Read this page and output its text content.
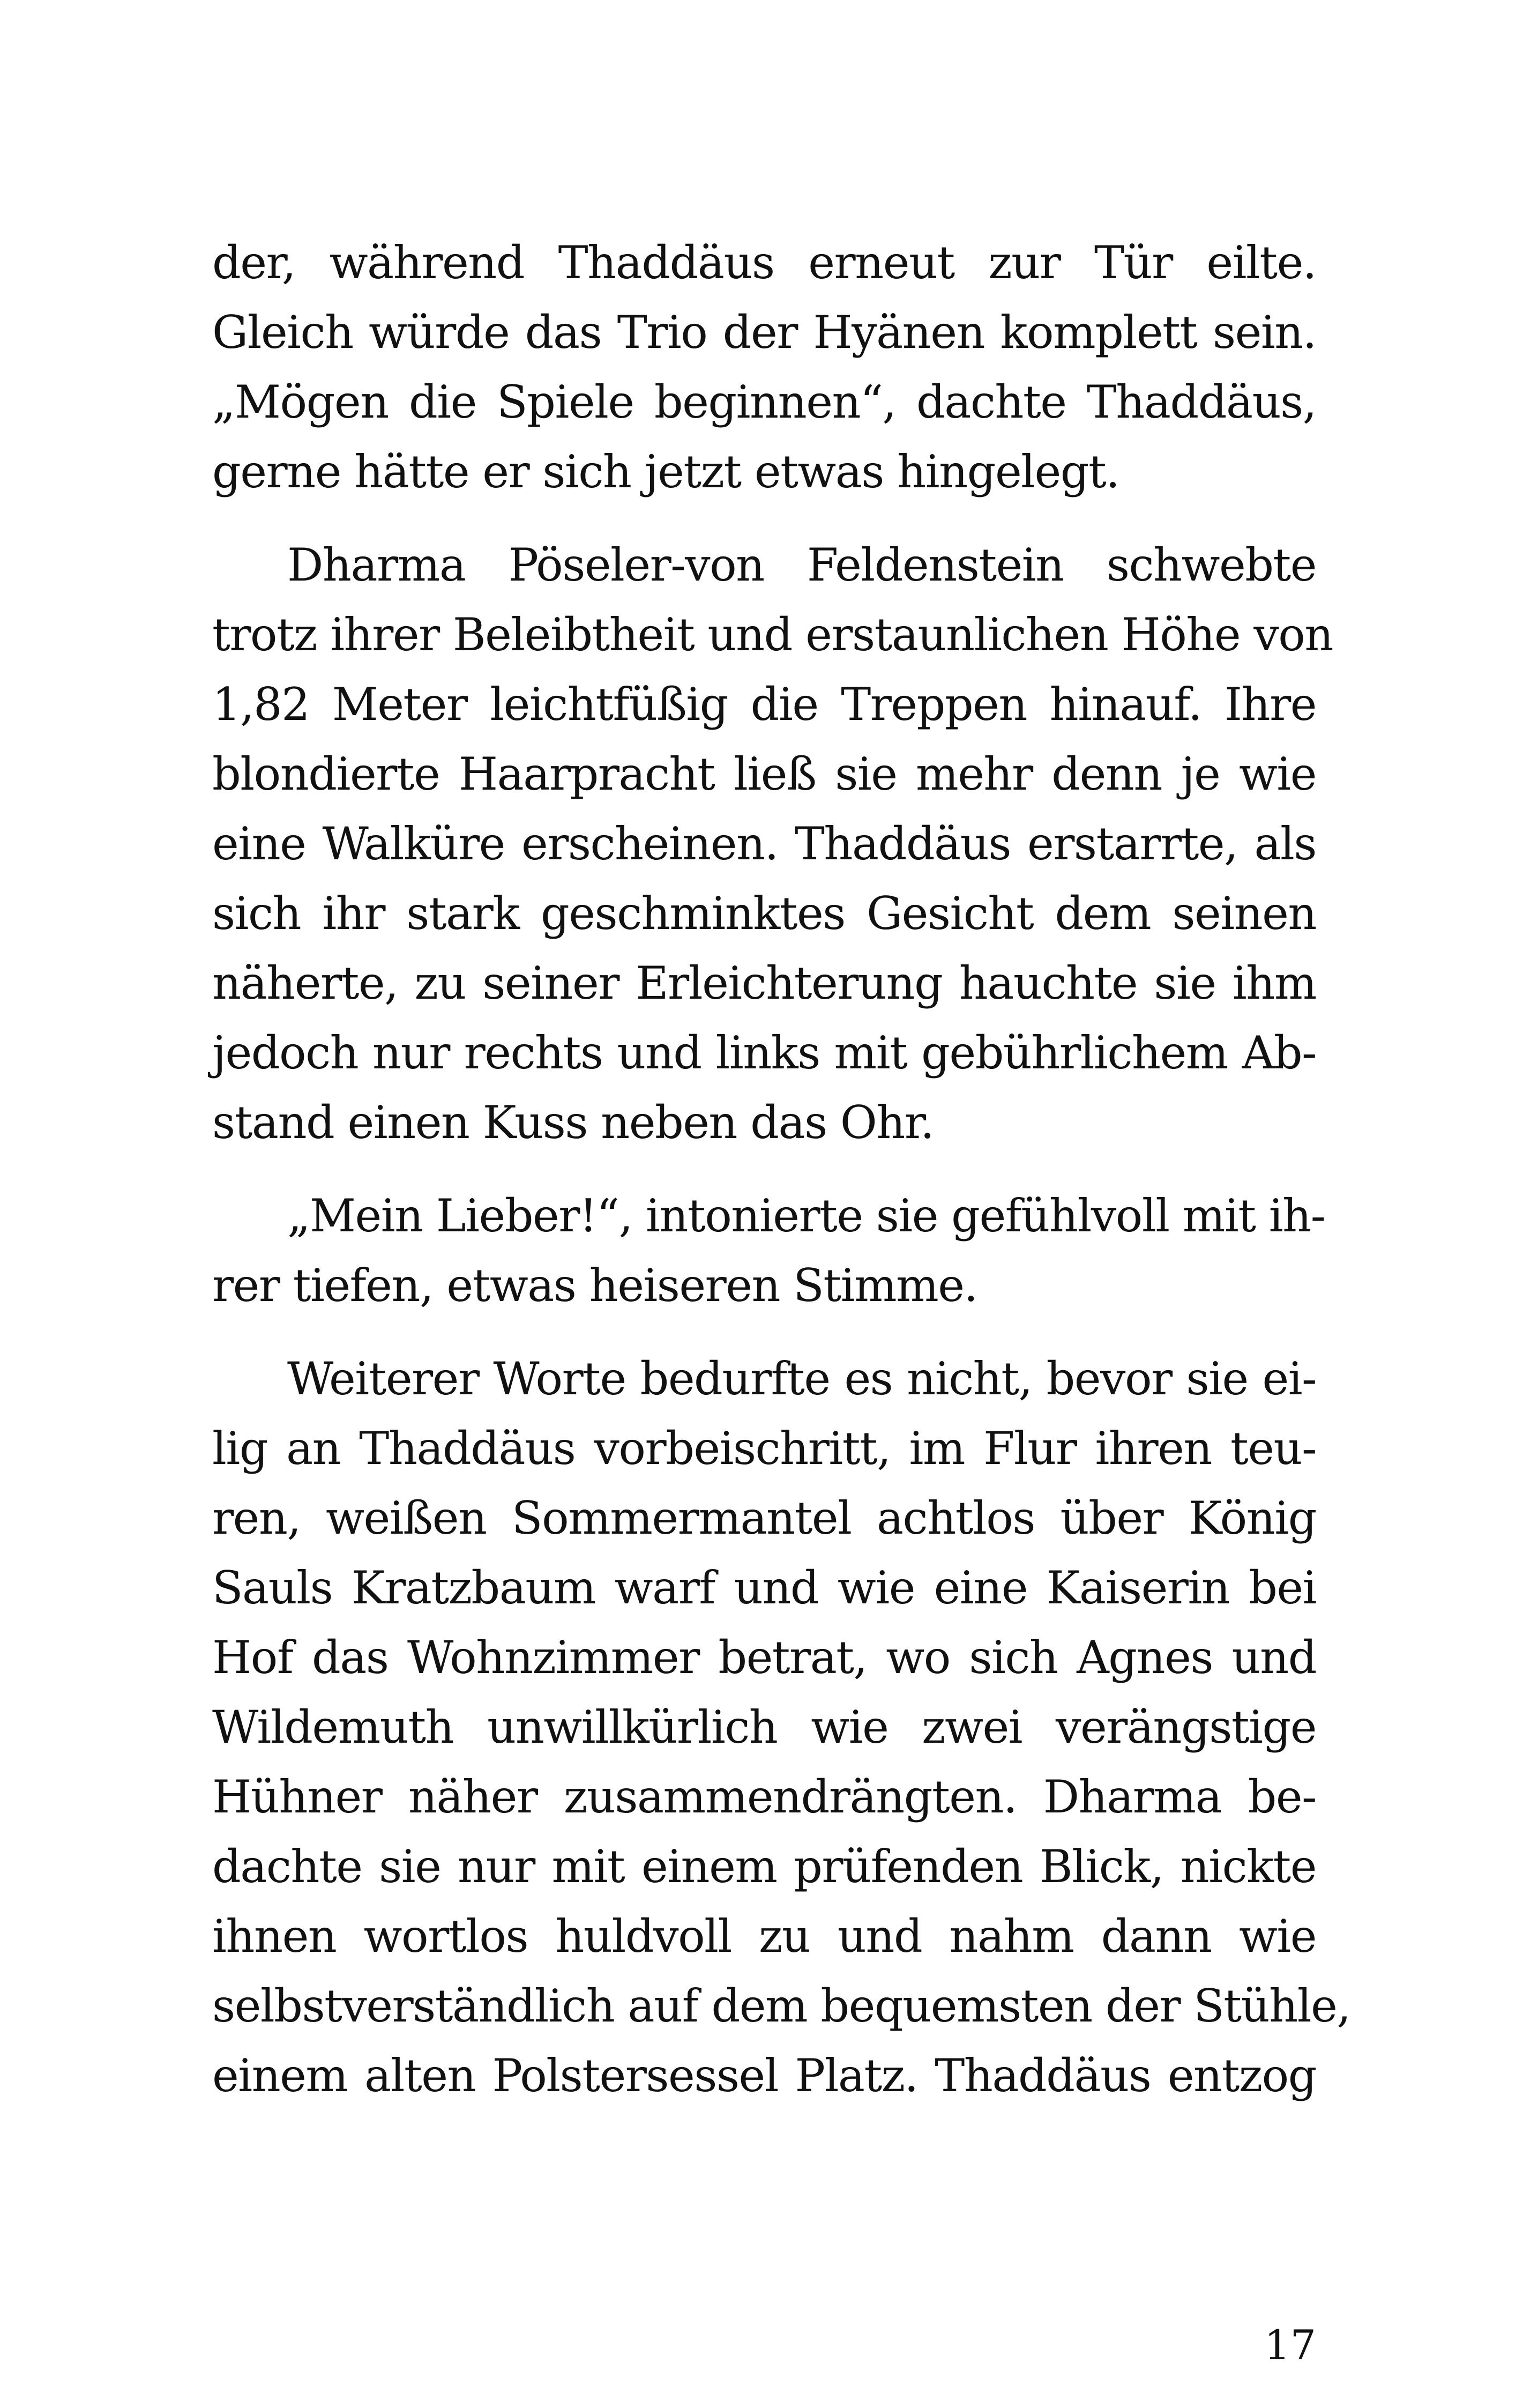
der, während Thaddäus erneut zur Tür eilte.
Gleich würde das Trio der Hyänen komplett sein.
„Mögen die Spiele beginnen“, dachte Thaddäus,
gerne hätte er sich jetzt etwas hingelegt.
Dharma Pöseler-von Feldenstein schwebte
trotz ihrer Beleibtheit und erstaunlichen Höhe von
1,82 Meter leichtfüßig die Treppen hinauf. Ihre
blondierte Haarpracht ließ sie mehr denn je wie
eine Walküre erscheinen. Thaddäus erstarrte, als
sich ihr stark geschminktes Gesicht dem seinen
näherte, zu seiner Erleichterung hauchte sie ihm
jedoch nur rechts und links mit gebührlichem Ab-
stand einen Kuss neben das Ohr.
„Mein Lieber!“, intonierte sie gefühlvoll mit ih-
rer tiefen, etwas heiseren Stimme.
Weiterer Worte bedurfte es nicht, bevor sie ei-
lig an Thaddäus vorbeischritt, im Flur ihren teu-
ren, weißen Sommermantel achtlos über König
Sauls Kratzbaum warf und wie eine Kaiserin bei
Hof das Wohnzimmer betrat, wo sich Agnes und
Wildemuth unwillkürlich wie zwei verängstige
Hühner näher zusammendrängten. Dharma be-
dachte sie nur mit einem prüfenden Blick, nickte
ihnen wortlos huldvoll zu und nahm dann wie
selbstverständlich auf dem bequemsten der Stühle,
einem alten Polstersessel Platz. Thaddäus entzog
17
